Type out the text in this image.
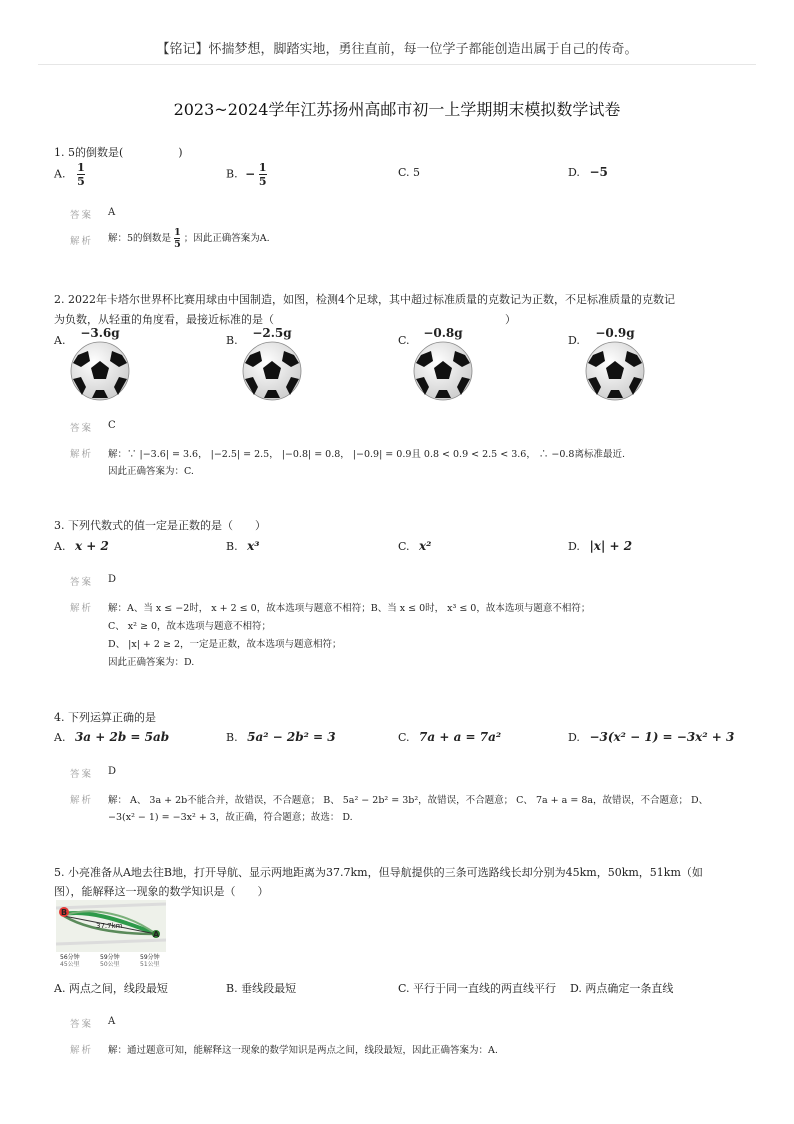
【铭记】怀揣梦想，脚踏实地，勇往直前，每一位学子都能创造出属于自己的传奇。
2023~2024学年江苏扬州高邮市初一上学期期末模拟数学试卷
1. 5的倒数是(　　　　　)
A. $\frac{1}{5}$	B. − $\frac{1}{5}$	C. 5	D. −5
答案 A
解析 解：5的倒数是 $\frac{1}{5}$ ；因此正确答案为A.
2. 2022年卡塔尔世界杯比赛用球由中国制造，如图，检测4个足球，其中超过标准质量的克数记为正数，不足标准质量的克数记
为负数，从轻重的角度看，最接近标准的是（　　　　　　　　　　　　　　　　　　　　　）
A.
−3.6g
B.
−2.5g
C.
−0.8g
D.
−0.9g
答案 C
解析 解：∵ |−3.6| = 3.6， |−2.5| = 2.5， |−0.8| = 0.8， |−0.9| = 0.9且 0.8 < 0.9 < 2.5 < 3.6， ∴ −0.8离标准最近.
因此正确答案为：C.
3. 下列代数式的值一定是正数的是（　　）
A. x + 2	B. x³	C. x²	D. |x| + 2
答案 D
解析 解：A、当 x ≤ −2时， x + 2 ≤ 0，故本选项与题意不相符；B、当 x ≤ 0时， x³ ≤ 0，故本选项与题意不相符；
C、 x² ≥ 0，故本选项与题意不相符；
D、 |x| + 2 ≥ 2，一定是正数，故本选项与题意相符；
因此正确答案为：D.
4. 下列运算正确的是
A. 3a + 2b = 5ab	B. 5a² − 2b² = 3	C. 7a + a = 7a²	D. −3(x² − 1) = −3x² + 3
答案 D
解析 解： A、 3a + 2b不能合并，故错误，不合题意； B、 5a² − 2b² = 3b²，故错误，不合题意； C、 7a + a = 8a，故错误，不合题意； D、
−3(x² − 1) = −3x² + 3，故正确，符合题意；故选： D.
5. 小亮准备从A地去往B地，打开导航、显示两地距离为37.7km，但导航提供的三条可选路线长却分别为45km，50km，51km（如
图），能解释这一现象的数学知识是（　　）
B
A
37.7km
56分钟
45公里
59分钟
50公里
59分钟
51公里
A. 两点之间，线段最短	B. 垂线段最短	C. 平行于同一直线的两直线平行 D. 两点确定一条直线
答案 A
解析 解：通过题意可知，能解释这一现象的数学知识是两点之间，线段最短，因此正确答案为：A.
